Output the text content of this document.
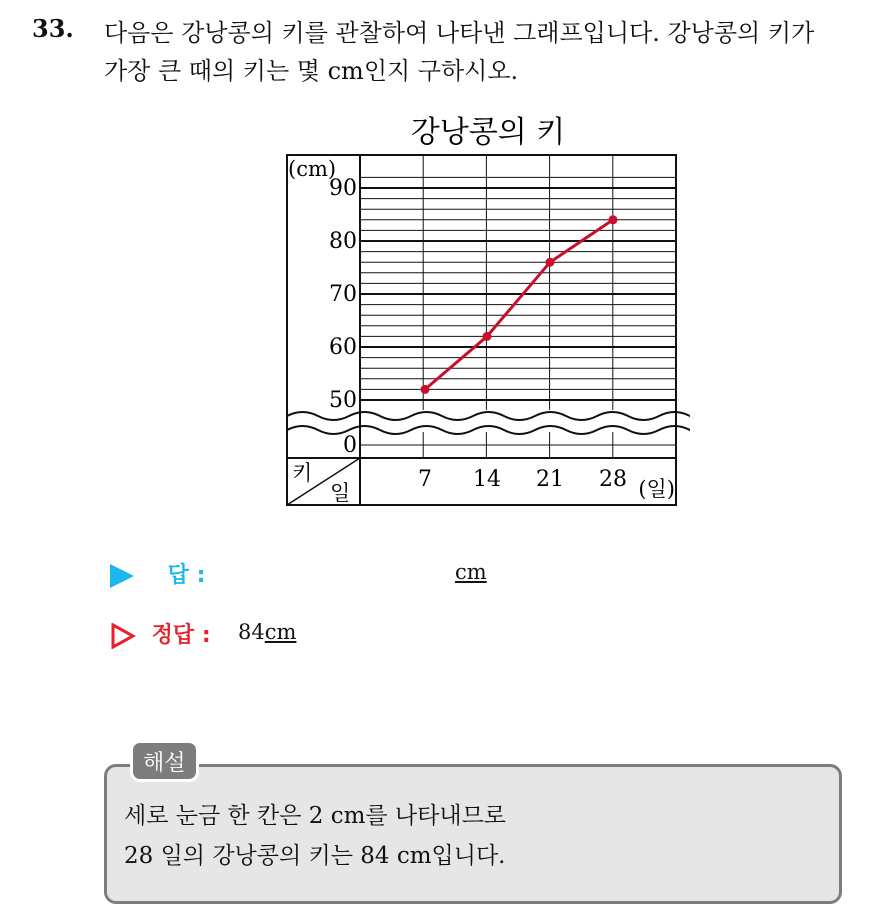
33. 다음은 강낭콩의 키를 관찰하여 나타낸 그래프입니다. 강낭콩의 키가
가장 큰 때의 키는 몇 cm인지 구하시오.
강낭콩의 키
키
일
(cm)
90
80
70
60
50
0
7 14 21 28 (일)
답 :	cm
정답 : 84cm
해설
세로 눈금 한 칸은 2 cm를 나타내므로
28 일의 강낭콩의 키는 84 cm입니다.
